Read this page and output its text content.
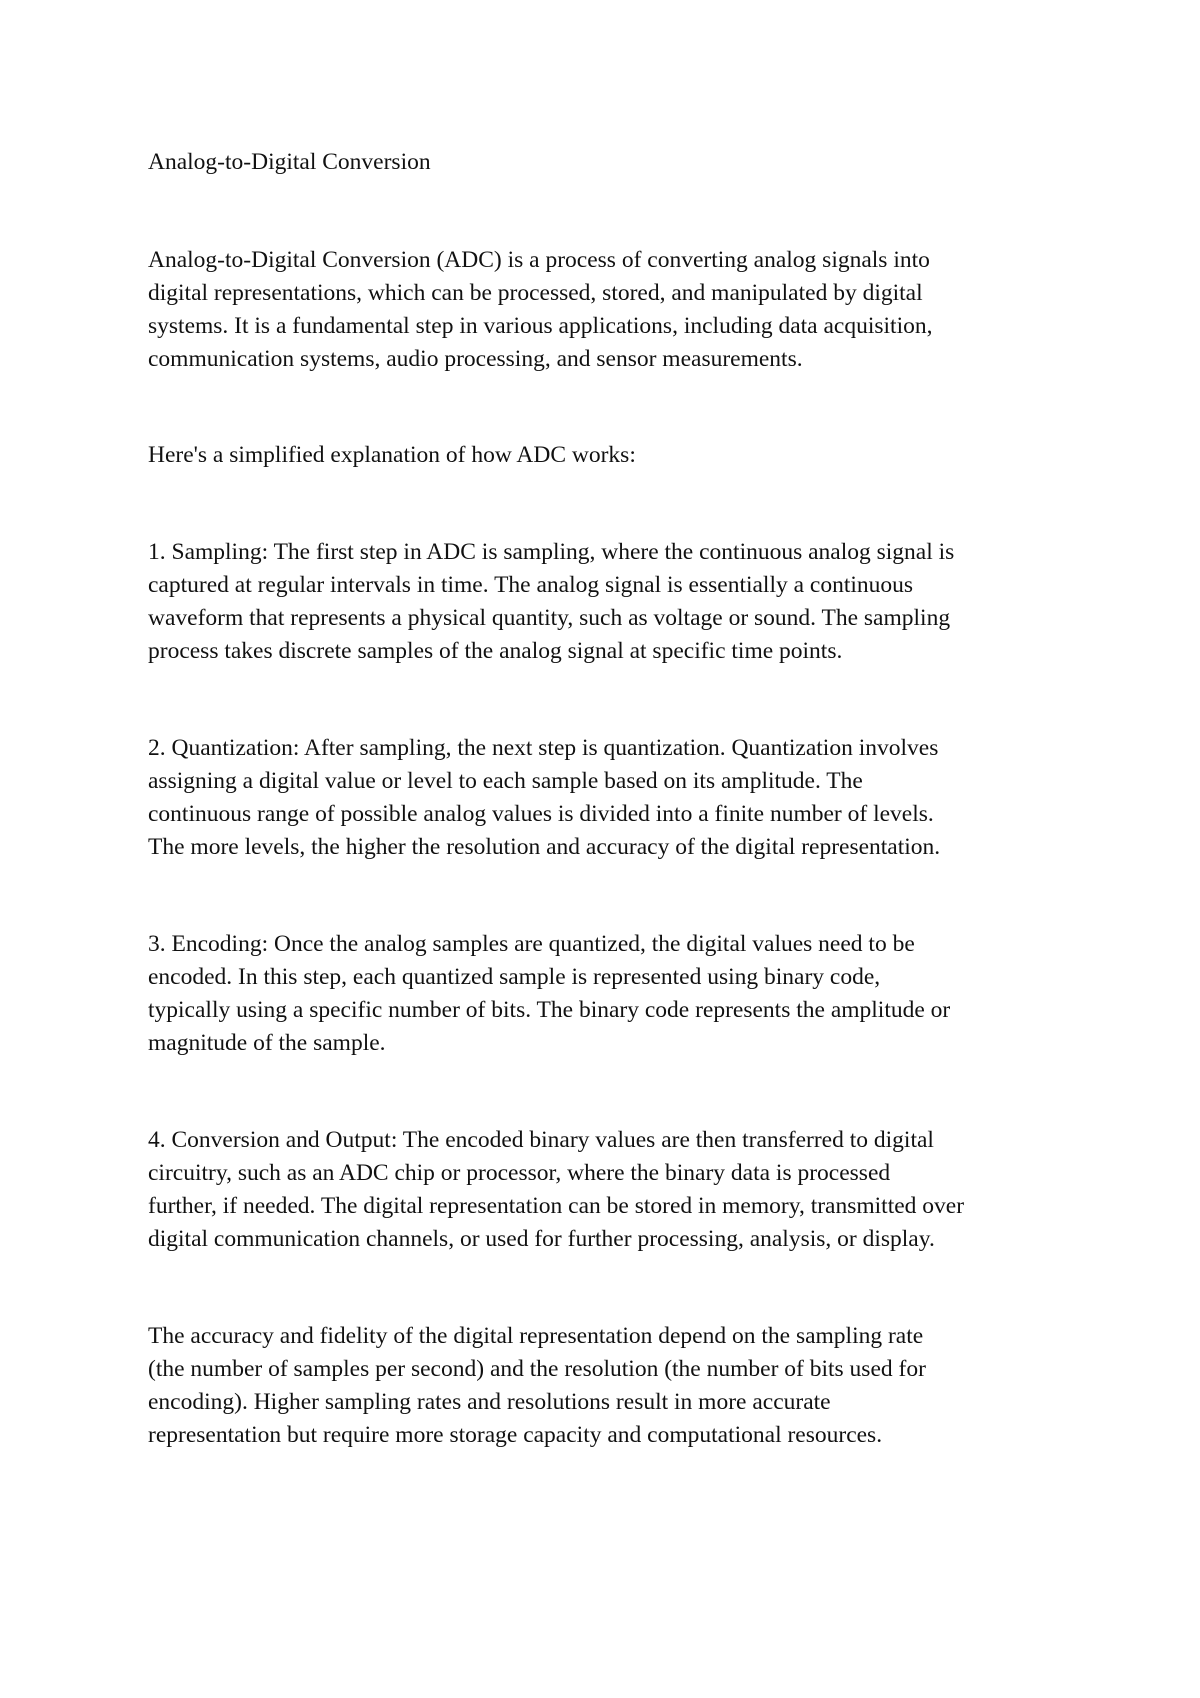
Analog-to-Digital Conversion

Analog-to-Digital Conversion (ADC) is a process of converting analog signals into
digital representations, which can be processed, stored, and manipulated by digital
systems. It is a fundamental step in various applications, including data acquisition,
communication systems, audio processing, and sensor measurements.

Here's a simplified explanation of how ADC works:

1. Sampling: The first step in ADC is sampling, where the continuous analog signal is
captured at regular intervals in time. The analog signal is essentially a continuous
waveform that represents a physical quantity, such as voltage or sound. The sampling
process takes discrete samples of the analog signal at specific time points.

2. Quantization: After sampling, the next step is quantization. Quantization involves
assigning a digital value or level to each sample based on its amplitude. The
continuous range of possible analog values is divided into a finite number of levels.
The more levels, the higher the resolution and accuracy of the digital representation.

3. Encoding: Once the analog samples are quantized, the digital values need to be
encoded. In this step, each quantized sample is represented using binary code,
typically using a specific number of bits. The binary code represents the amplitude or
magnitude of the sample.

4. Conversion and Output: The encoded binary values are then transferred to digital
circuitry, such as an ADC chip or processor, where the binary data is processed
further, if needed. The digital representation can be stored in memory, transmitted over
digital communication channels, or used for further processing, analysis, or display.

The accuracy and fidelity of the digital representation depend on the sampling rate
(the number of samples per second) and the resolution (the number of bits used for
encoding). Higher sampling rates and resolutions result in more accurate
representation but require more storage capacity and computational resources.
